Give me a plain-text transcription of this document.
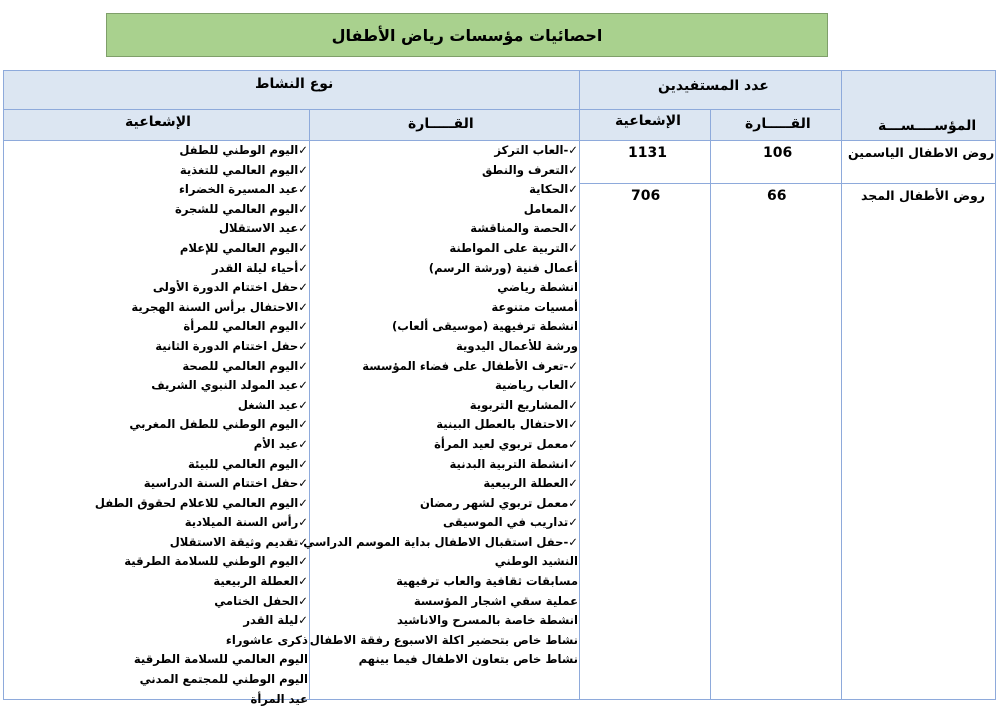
احصائيات مؤسسات رياض الأطفال
المؤســــســـة
عدد المستفيدين
نوع النشاط
الإشعاعية	القـــــارة
القـــــارة
الإشعاعية
روض الاطفال الياسمين
106
1131
روض الأطفال المجد
66
706
✓-العاب التركز
✓التعرف والنطق
✓الحكاية
✓المعامل
✓الحصة والمناقشة
✓التربية على المواطنة
أعمال فنية (ورشة الرسم)
انشطة رياضي
أمسيات متنوعة
انشطة ترفيهية (موسيقى ألعاب)
ورشة للأعمال اليدوية
✓-تعرف الأطفال على فضاء المؤسسة
✓العاب رياضية
✓المشاريع التربوية
✓الاحتفال بالعطل البينية
✓معمل تربوي لعيد المرأة
✓انشطة التربية البدنية
✓العطلة الربيعية
✓معمل تربوي لشهر رمضان
✓تداريب في الموسيقى
✓-حفل استقبال الاطفال بداية الموسم الدراسي
النشيد الوطني
مسابقات ثقافية والعاب ترفيهية
عملية سقي اشجار المؤسسة
انشطة خاصة بالمسرح والاناشيد
نشاط خاص بتحضير اكلة الاسبوع رفقة الاطفال
نشاط خاص بتعاون الاطفال فيما بينهم
✓اليوم الوطني للطفل
✓اليوم العالمي للتغذية
✓عيد المسيرة الخضراء
✓اليوم العالمي للشجرة
✓عيد الاستقلال
✓اليوم العالمي للإعلام
✓أحياء ليلة القدر
✓حفل اختتام الدورة الأولى
✓الاحتفال برأس السنة الهجرية
✓اليوم العالمي للمرأة
✓حفل اختتام الدورة الثانية
✓اليوم العالمي للصحة
✓عيد المولد النبوي الشريف
✓عيد الشغل
✓اليوم الوطني للطفل المغربي
✓عيد الأم
✓اليوم العالمي للبيئة
✓حفل اختتام السنة الدراسية
✓اليوم العالمي للاعلام لحقوق الطفل
✓رأس السنة الميلادية
✓تقديم وثيقة الاستقلال
✓اليوم الوطني للسلامة الطرقية
✓العطلة الربيعية
✓الحفل الختامي
✓ليلة القدر
ذكرى عاشوراء
اليوم العالمي للسلامة الطرقية
اليوم الوطني للمجتمع المدني
عيد المرأة
